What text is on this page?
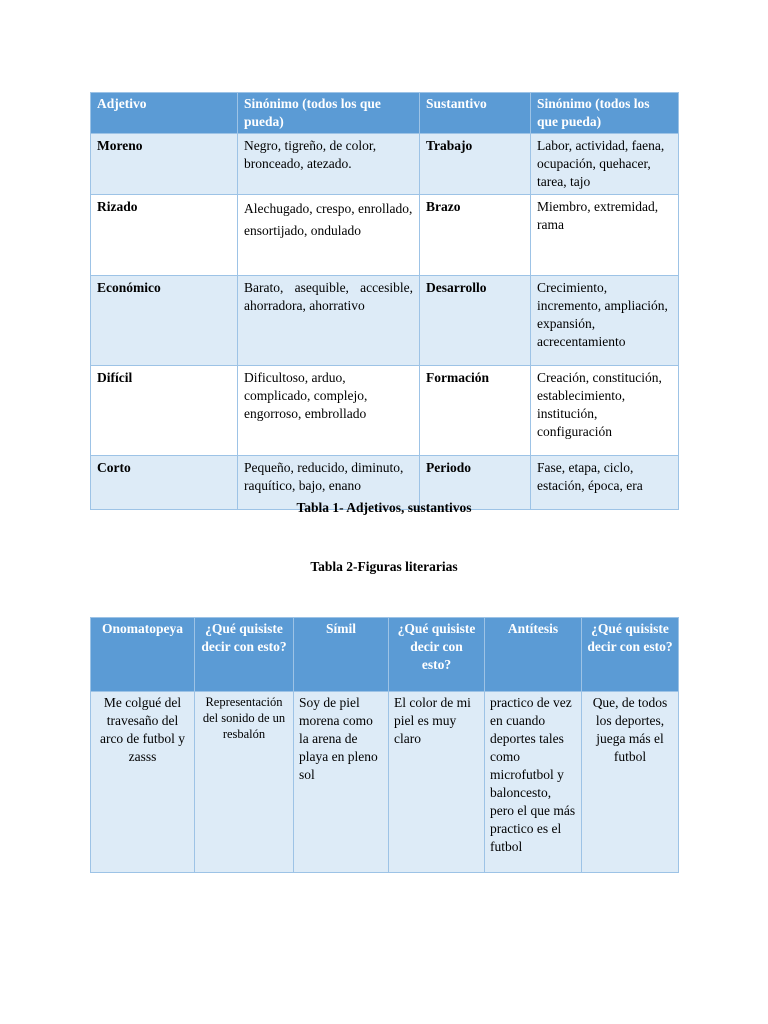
Adjetivo	Sinónimo (todos los que pueda)	Sustantivo	Sinónimo (todos los que pueda)
Moreno	Negro, tigreño, de color, bronceado, atezado.	Trabajo	Labor, actividad, faena, ocupación, quehacer, tarea, tajo
Rizado	Alechugado, crespo, enrollado, ensortijado, ondulado	Brazo	Miembro, extremidad, rama
Económico	Barato, asequible, accesible, ahorradora, ahorrativo	Desarrollo	Crecimiento, incremento, ampliación, expansión, acrecentamiento
Difícil	Dificultoso, arduo, complicado, complejo, engorroso, embrollado	Formación	Creación, constitución, establecimiento, institución, configuración
Corto	Pequeño, reducido, diminuto, raquítico, bajo, enano	Periodo	Fase, etapa, ciclo, estación, época, era
Tabla 1- Adjetivos, sustantivos
Tabla 2-Figuras literarias
Onomatopeya	¿Qué quisiste decir con esto?	Símil	¿Qué quisiste decir con esto?	Antítesis	¿Qué quisiste decir con esto?
Me colgué del travesaño del arco de futbol y zasss	Representación del sonido de un resbalón	Soy de piel morena como la arena de playa en pleno sol	El color de mi piel es muy claro	practico de vez en cuando deportes tales como microfutbol y baloncesto, pero el que más practico es el futbol	Que, de todos los deportes, juega más el futbol
